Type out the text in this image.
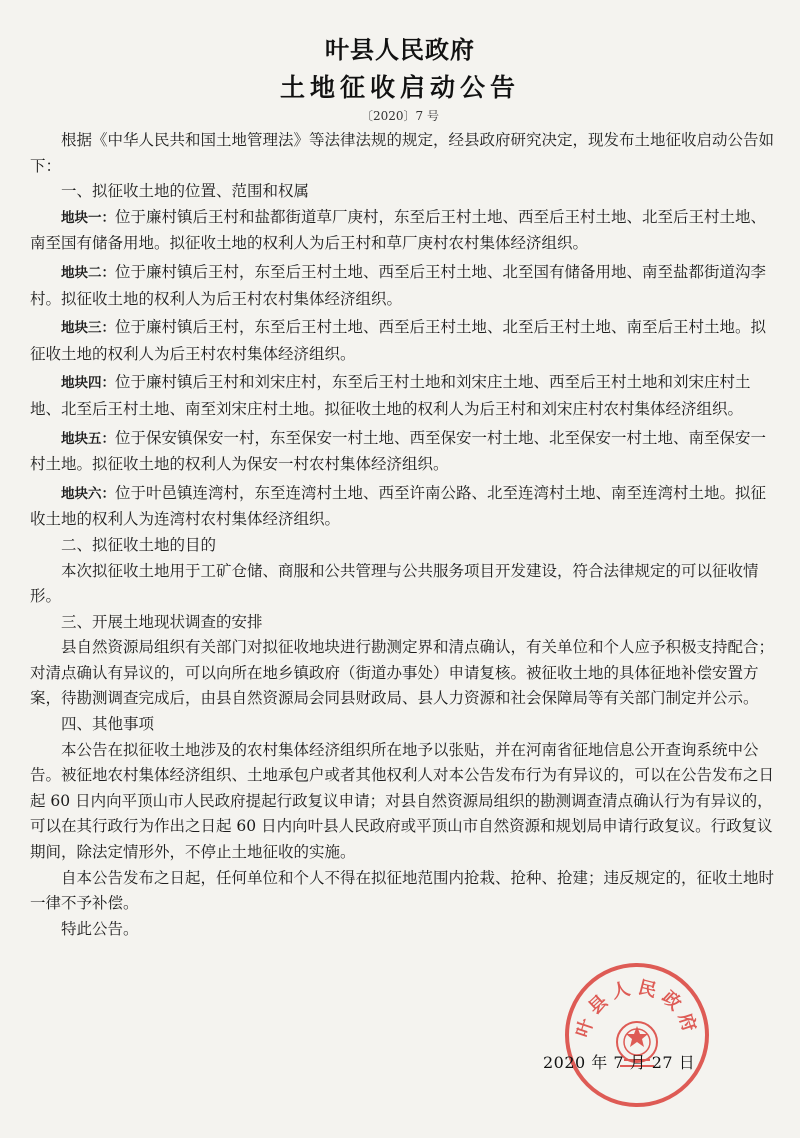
叶县人民政府
土地征收启动公告
〔2020〕7 号

根据《中华人民共和国土地管理法》等法律法规的规定，经县政府研究决定，现发布土地征收启动公告如下：

一、拟征收土地的位置、范围和权属

地块一：位于廉村镇后王村和盐都街道草厂庚村，东至后王村土地、西至后王村土地、北至后王村土地、南至国有储备用地。拟征收土地的权利人为后王村和草厂庚村农村集体经济组织。

地块二：位于廉村镇后王村，东至后王村土地、西至后王村土地、北至国有储备用地、南至盐都街道沟李村。拟征收土地的权利人为后王村农村集体经济组织。

地块三：位于廉村镇后王村，东至后王村土地、西至后王村土地、北至后王村土地、南至后王村土地。拟征收土地的权利人为后王村农村集体经济组织。

地块四：位于廉村镇后王村和刘宋庄村，东至后王村土地和刘宋庄土地、西至后王村土地和刘宋庄村土地、北至后王村土地、南至刘宋庄村土地。拟征收土地的权利人为后王村和刘宋庄村农村集体经济组织。

地块五：位于保安镇保安一村，东至保安一村土地、西至保安一村土地、北至保安一村土地、南至保安一村土地。拟征收土地的权利人为保安一村农村集体经济组织。

地块六：位于叶邑镇连湾村，东至连湾村土地、西至许南公路、北至连湾村土地、南至连湾村土地。拟征收土地的权利人为连湾村农村集体经济组织。

二、拟征收土地的目的

本次拟征收土地用于工矿仓储、商服和公共管理与公共服务项目开发建设，符合法律规定的可以征收情形。

三、开展土地现状调查的安排

县自然资源局组织有关部门对拟征收地块进行勘测定界和清点确认，有关单位和个人应予积极支持配合；对清点确认有异议的，可以向所在地乡镇政府（街道办事处）申请复核。被征收土地的具体征地补偿安置方案，待勘测调查完成后，由县自然资源局会同县财政局、县人力资源和社会保障局等有关部门制定并公示。

四、其他事项

本公告在拟征收土地涉及的农村集体经济组织所在地予以张贴，并在河南省征地信息公开查询系统中公告。被征地农村集体经济组织、土地承包户或者其他权利人对本公告发布行为有异议的，可以在公告发布之日起 60 日内向平顶山市人民政府提起行政复议申请；对县自然资源局组织的勘测调查清点确认行为有异议的，可以在其行政行为作出之日起 60 日内向叶县人民政府或平顶山市自然资源和规划局申请行政复议。行政复议期间，除法定情形外，不停止土地征收的实施。

自本公告发布之日起，任何单位和个人不得在拟征地范围内抢栽、抢种、抢建；违反规定的，征收土地时一律不予补偿。

特此公告。

叶县人民政府
2020 年 7 月 27 日
